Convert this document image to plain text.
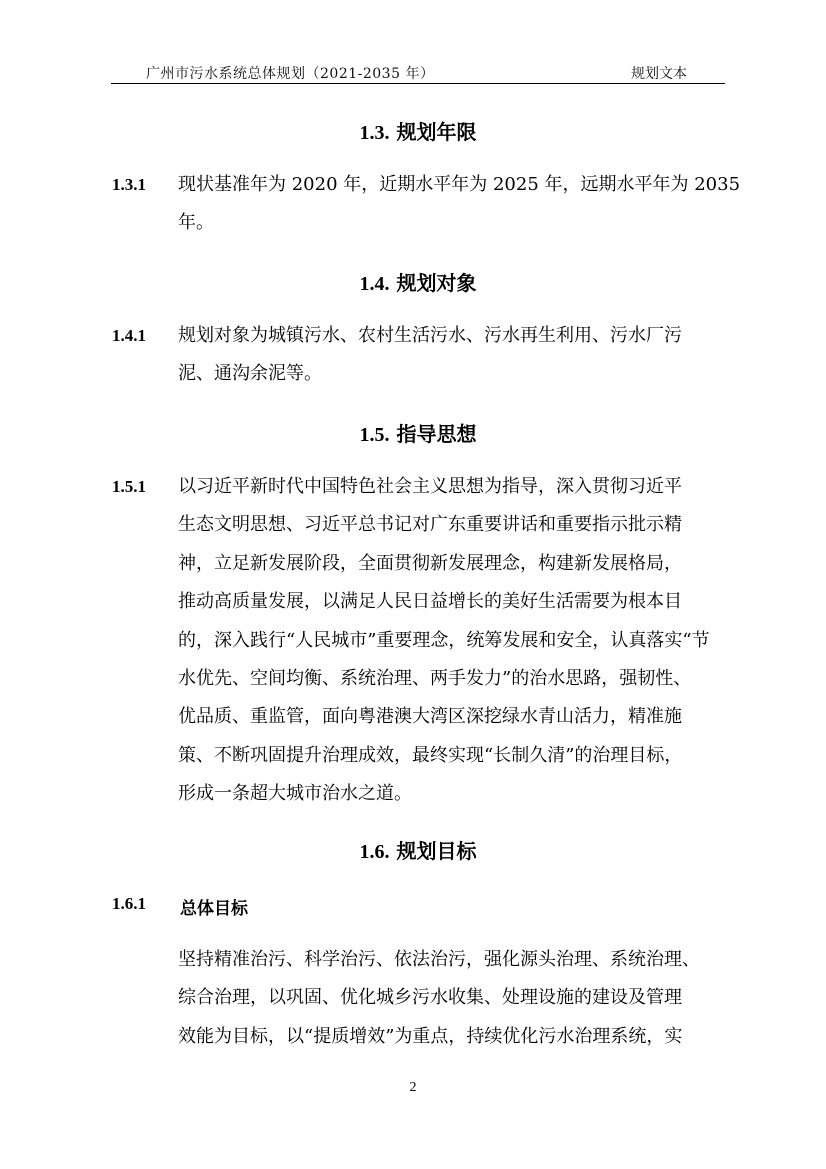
广州市污水系统总体规划（2021-2035 年）	规划文本
1.3. 规划年限
1.3.1 现状基准年为 2020 年，近期水平年为 2025 年，远期水平年为 2035
年。
1.4. 规划对象
1.4.1 规划对象为城镇污水、农村生活污水、污水再生利用、污水厂污
泥、通沟余泥等。
1.5. 指导思想
1.5.1 以习近平新时代中国特色社会主义思想为指导，深入贯彻习近平
生态文明思想、习近平总书记对广东重要讲话和重要指示批示精
神，立足新发展阶段，全面贯彻新发展理念，构建新发展格局，
推动高质量发展，以满足人民日益增长的美好生活需要为根本目
的，深入践行“人民城市”重要理念，统筹发展和安全，认真落实“节
水优先、空间均衡、系统治理、两手发力”的治水思路，强韧性、
优品质、重监管，面向粤港澳大湾区深挖绿水青山活力，精准施
策、不断巩固提升治理成效，最终实现“长制久清”的治理目标，
形成一条超大城市治水之道。
1.6. 规划目标
1.6.1 总体目标
坚持精准治污、科学治污、依法治污，强化源头治理、系统治理、
综合治理，以巩固、优化城乡污水收集、处理设施的建设及管理
效能为目标，以“提质增效”为重点，持续优化污水治理系统，实
2
